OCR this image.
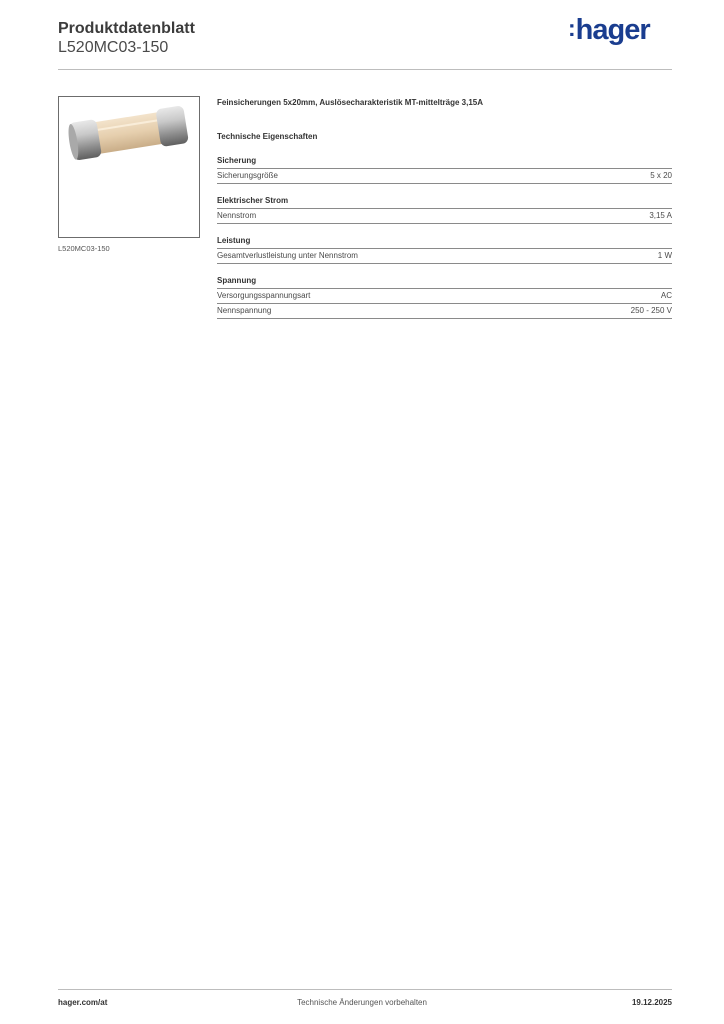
Produktdatenblatt
L520MC03-150
:hager
L520MC03-150
Feinsicherungen 5x20mm, Auslösecharakteristik MT-mittelträge 3,15A
Technische Eigenschaften
Sicherung
Sicherungsgröße	5 x 20
Elektrischer Strom
Nennstrom	3,15 A
Leistung
Gesamtverlustleistung unter Nennstrom	1 W
Spannung
Versorgungsspannungsart	AC
Nennspannung	250 - 250 V
hager.com/at	Technische Änderungen vorbehalten	19.12.2025
